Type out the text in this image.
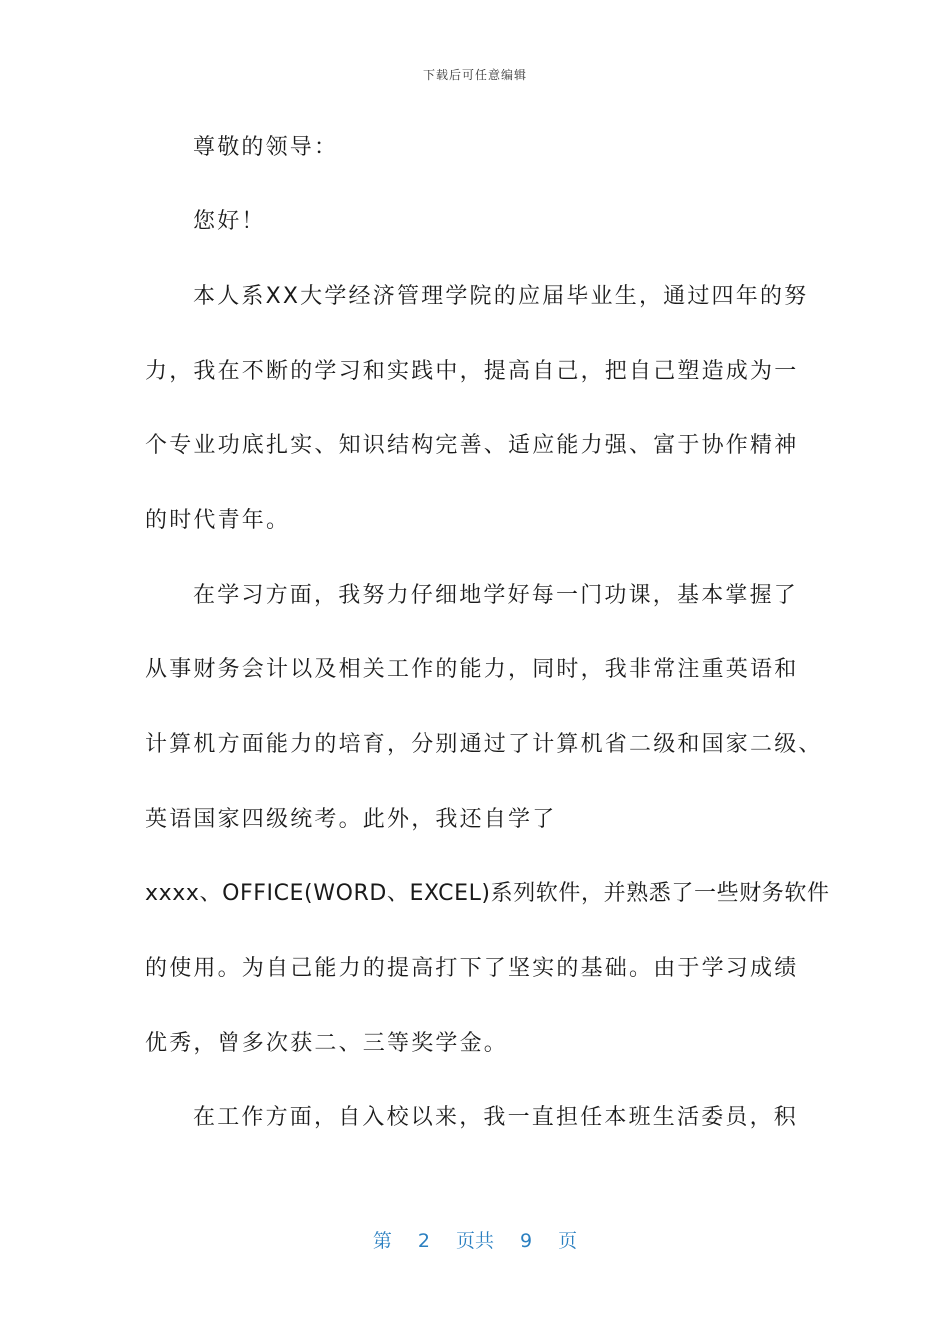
下载后可任意编辑
尊敬的领导：
您好！
本人系XX大学经济管理学院的应届毕业生，通过四年的努
力，我在不断的学习和实践中，提高自己，把自己塑造成为一
个专业功底扎实、知识结构完善、适应能力强、富于协作精神
的时代青年。
在学习方面，我努力仔细地学好每一门功课，基本掌握了
从事财务会计以及相关工作的能力，同时，我非常注重英语和
计算机方面能力的培育，分别通过了计算机省二级和国家二级、
英语国家四级统考。此外，我还自学了
xxxx、OFFICE(WORD、EXCEL)系列软件，并熟悉了一些财务软件
的使用。为自己能力的提高打下了坚实的基础。由于学习成绩
优秀，曾多次获二、三等奖学金。
在工作方面，自入校以来，我一直担任本班生活委员，积
第 2 页共 9 页
